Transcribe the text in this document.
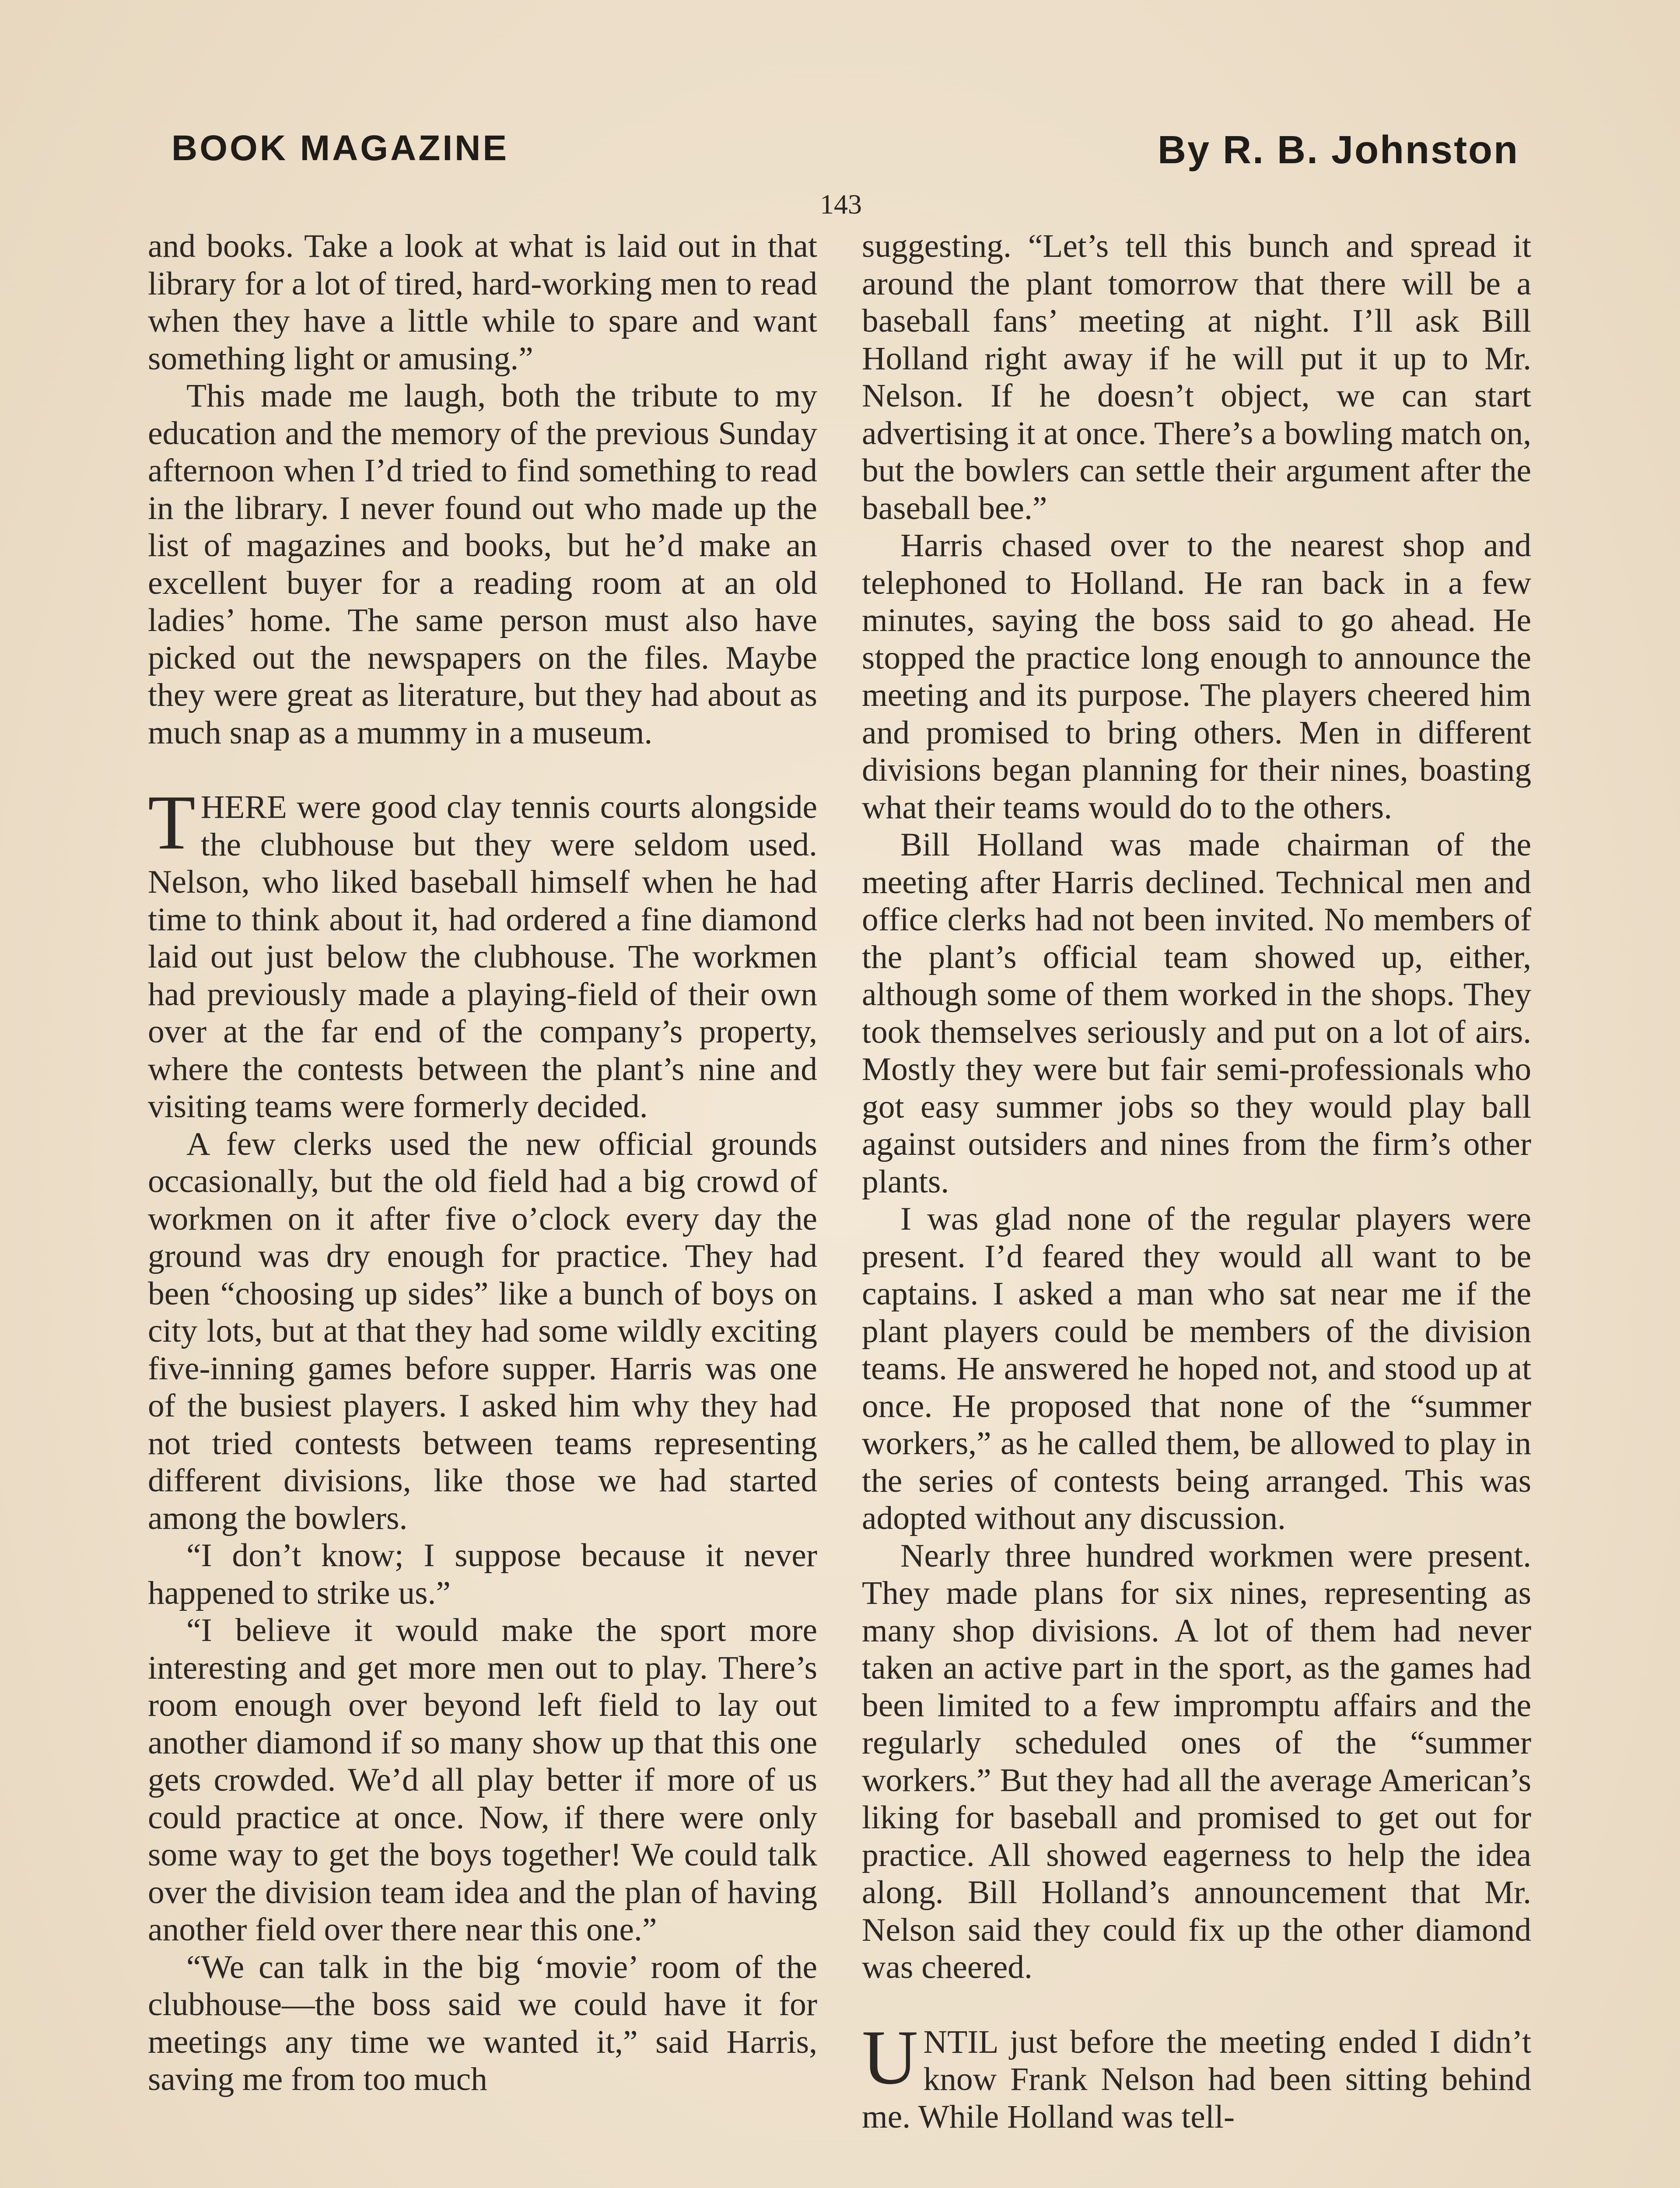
BOOK MAGAZINE	By R. B. Johnston
143

and books. Take a look at what is laid out in that library for a lot of tired, hard-working men to read when they have a little while to spare and want something light or amusing.”

This made me laugh, both the tribute to my education and the memory of the previous Sunday afternoon when I’d tried to find something to read in the library. I never found out who made up the list of magazines and books, but he’d make an excellent buyer for a reading room at an old ladies’ home. The same person must also have picked out the newspapers on the files. Maybe they were great as literature, but they had about as much snap as a mummy in a museum.

THERE were good clay tennis courts alongside the clubhouse but they were seldom used. Nelson, who liked baseball himself when he had time to think about it, had ordered a fine diamond laid out just below the clubhouse. The workmen had previously made a playing-field of their own over at the far end of the company’s property, where the contests between the plant’s nine and visiting teams were formerly decided.

A few clerks used the new official grounds occasionally, but the old field had a big crowd of workmen on it after five o’clock every day the ground was dry enough for practice. They had been “choosing up sides” like a bunch of boys on city lots, but at that they had some wildly exciting five-inning games before supper. Harris was one of the busiest players. I asked him why they had not tried contests between teams representing different divisions, like those we had started among the bowlers.

“I don’t know; I suppose because it never happened to strike us.”

“I believe it would make the sport more interesting and get more men out to play. There’s room enough over beyond left field to lay out another diamond if so many show up that this one gets crowded. We’d all play better if more of us could practice at once. Now, if there were only some way to get the boys together! We could talk over the division team idea and the plan of having another field over there near this one.”

“We can talk in the big ‘movie’ room of the clubhouse—the boss said we could have it for meetings any time we wanted it,” said Harris, saving me from too much

suggesting. “Let’s tell this bunch and spread it around the plant tomorrow that there will be a baseball fans’ meeting at night. I’ll ask Bill Holland right away if he will put it up to Mr. Nelson. If he doesn’t object, we can start advertising it at once. There’s a bowling match on, but the bowlers can settle their argument after the baseball bee.”

Harris chased over to the nearest shop and telephoned to Holland. He ran back in a few minutes, saying the boss said to go ahead. He stopped the practice long enough to announce the meeting and its purpose. The players cheered him and promised to bring others. Men in different divisions began planning for their nines, boasting what their teams would do to the others.

Bill Holland was made chairman of the meeting after Harris declined. Technical men and office clerks had not been invited. No members of the plant’s official team showed up, either, although some of them worked in the shops. They took themselves seriously and put on a lot of airs. Mostly they were but fair semi-professionals who got easy summer jobs so they would play ball against outsiders and nines from the firm’s other plants.

I was glad none of the regular players were present. I’d feared they would all want to be captains. I asked a man who sat near me if the plant players could be members of the division teams. He answered he hoped not, and stood up at once. He proposed that none of the “summer workers,” as he called them, be allowed to play in the series of contests being arranged. This was adopted without any discussion.

Nearly three hundred workmen were present. They made plans for six nines, representing as many shop divisions. A lot of them had never taken an active part in the sport, as the games had been limited to a few impromptu affairs and the regularly scheduled ones of the “summer workers.” But they had all the average American’s liking for baseball and promised to get out for practice. All showed eagerness to help the idea along. Bill Holland’s announcement that Mr. Nelson said they could fix up the other diamond was cheered.

UNTIL just before the meeting ended I didn’t know Frank Nelson had been sitting behind me. While Holland was tell-
